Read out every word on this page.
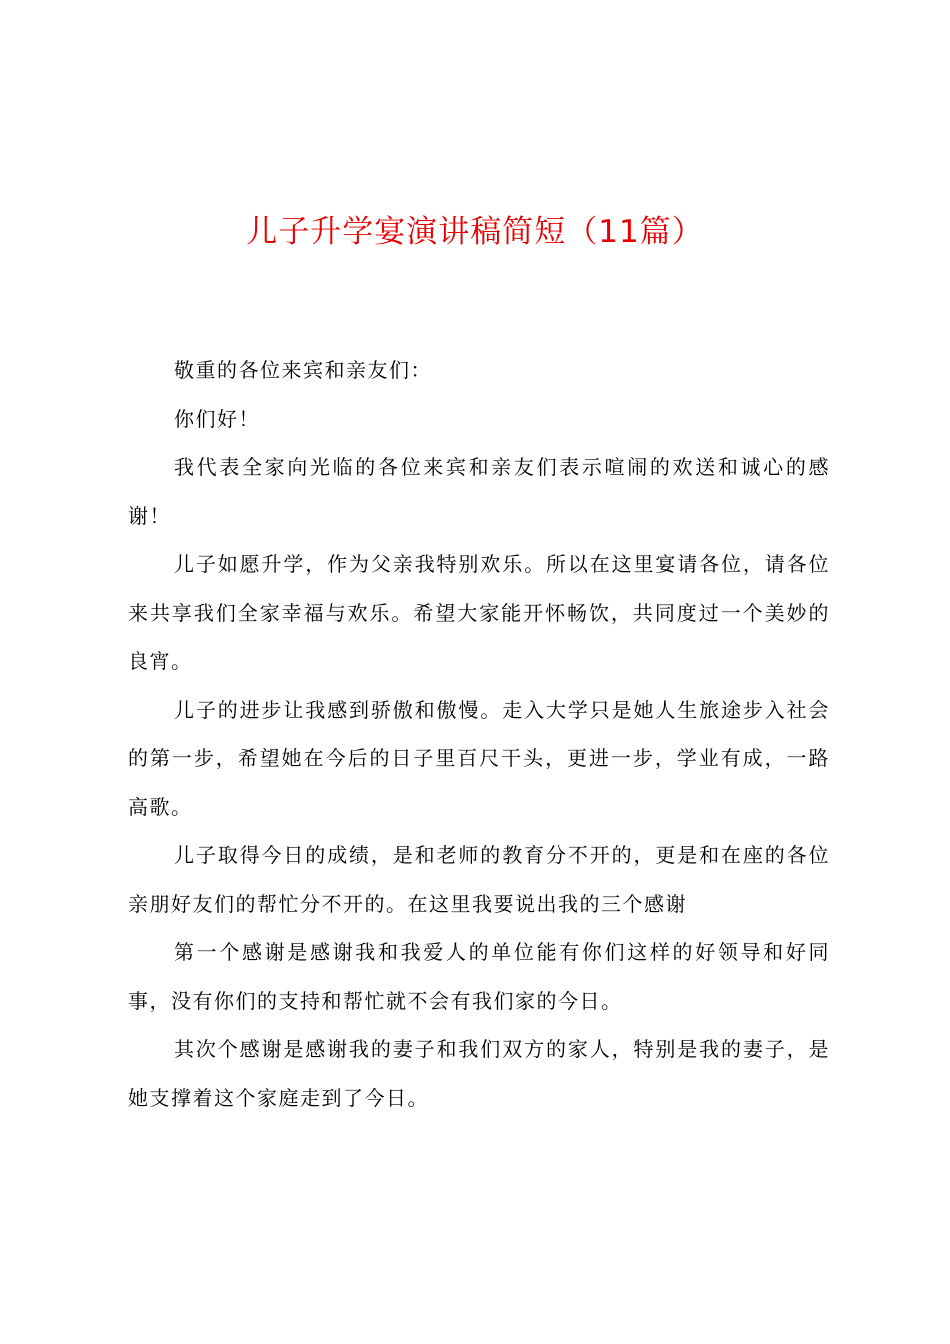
儿子升学宴演讲稿简短（11篇）

敬重的各位来宾和亲友们：

你们好！

我代表全家向光临的各位来宾和亲友们表示喧闹的欢送和诚心的感谢！

儿子如愿升学，作为父亲我特别欢乐。所以在这里宴请各位，请各位来共享我们全家幸福与欢乐。希望大家能开怀畅饮，共同度过一个美妙的良宵。

儿子的进步让我感到骄傲和傲慢。走入大学只是她人生旅途步入社会的第一步，希望她在今后的日子里百尺干头，更进一步，学业有成，一路高歌。

儿子取得今日的成绩，是和老师的教育分不开的，更是和在座的各位亲朋好友们的帮忙分不开的。在这里我要说出我的三个感谢

第一个感谢是感谢我和我爱人的单位能有你们这样的好领导和好同事，没有你们的支持和帮忙就不会有我们家的今日。

其次个感谢是感谢我的妻子和我们双方的家人，特别是我的妻子，是她支撑着这个家庭走到了今日。
